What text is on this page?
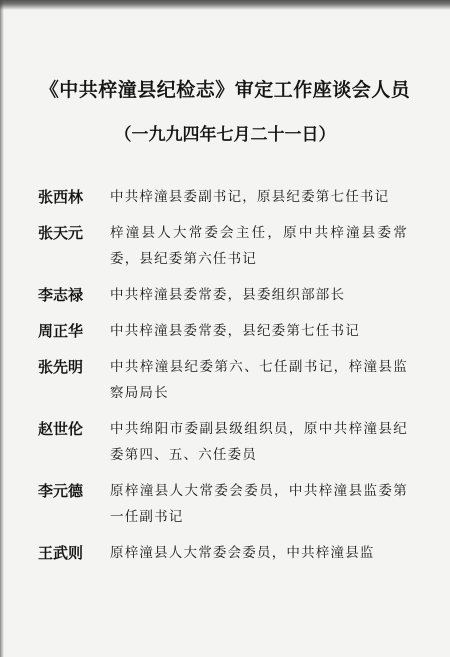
《中共梓潼县纪检志》审定工作座谈会人员
（一九九四年七月二十一日）
张西林	中共梓潼县委副书记，原县纪委第七任书记
张天元	梓潼县人大常委会主任，原中共梓潼县委常委，县纪委第六任书记
李志禄	中共梓潼县委常委，县委组织部部长
周正华	中共梓潼县委常委，县纪委第七任书记
张先明	中共梓潼县纪委第六、七任副书记，梓潼县监察局局长
赵世伦	中共绵阳市委副县级组织员，原中共梓潼县纪委第四、五、六任委员
李元德	原梓潼县人大常委会委员，中共梓潼县监委第一任副书记
王武则	原梓潼县人大常委会委员，中共梓潼县监
